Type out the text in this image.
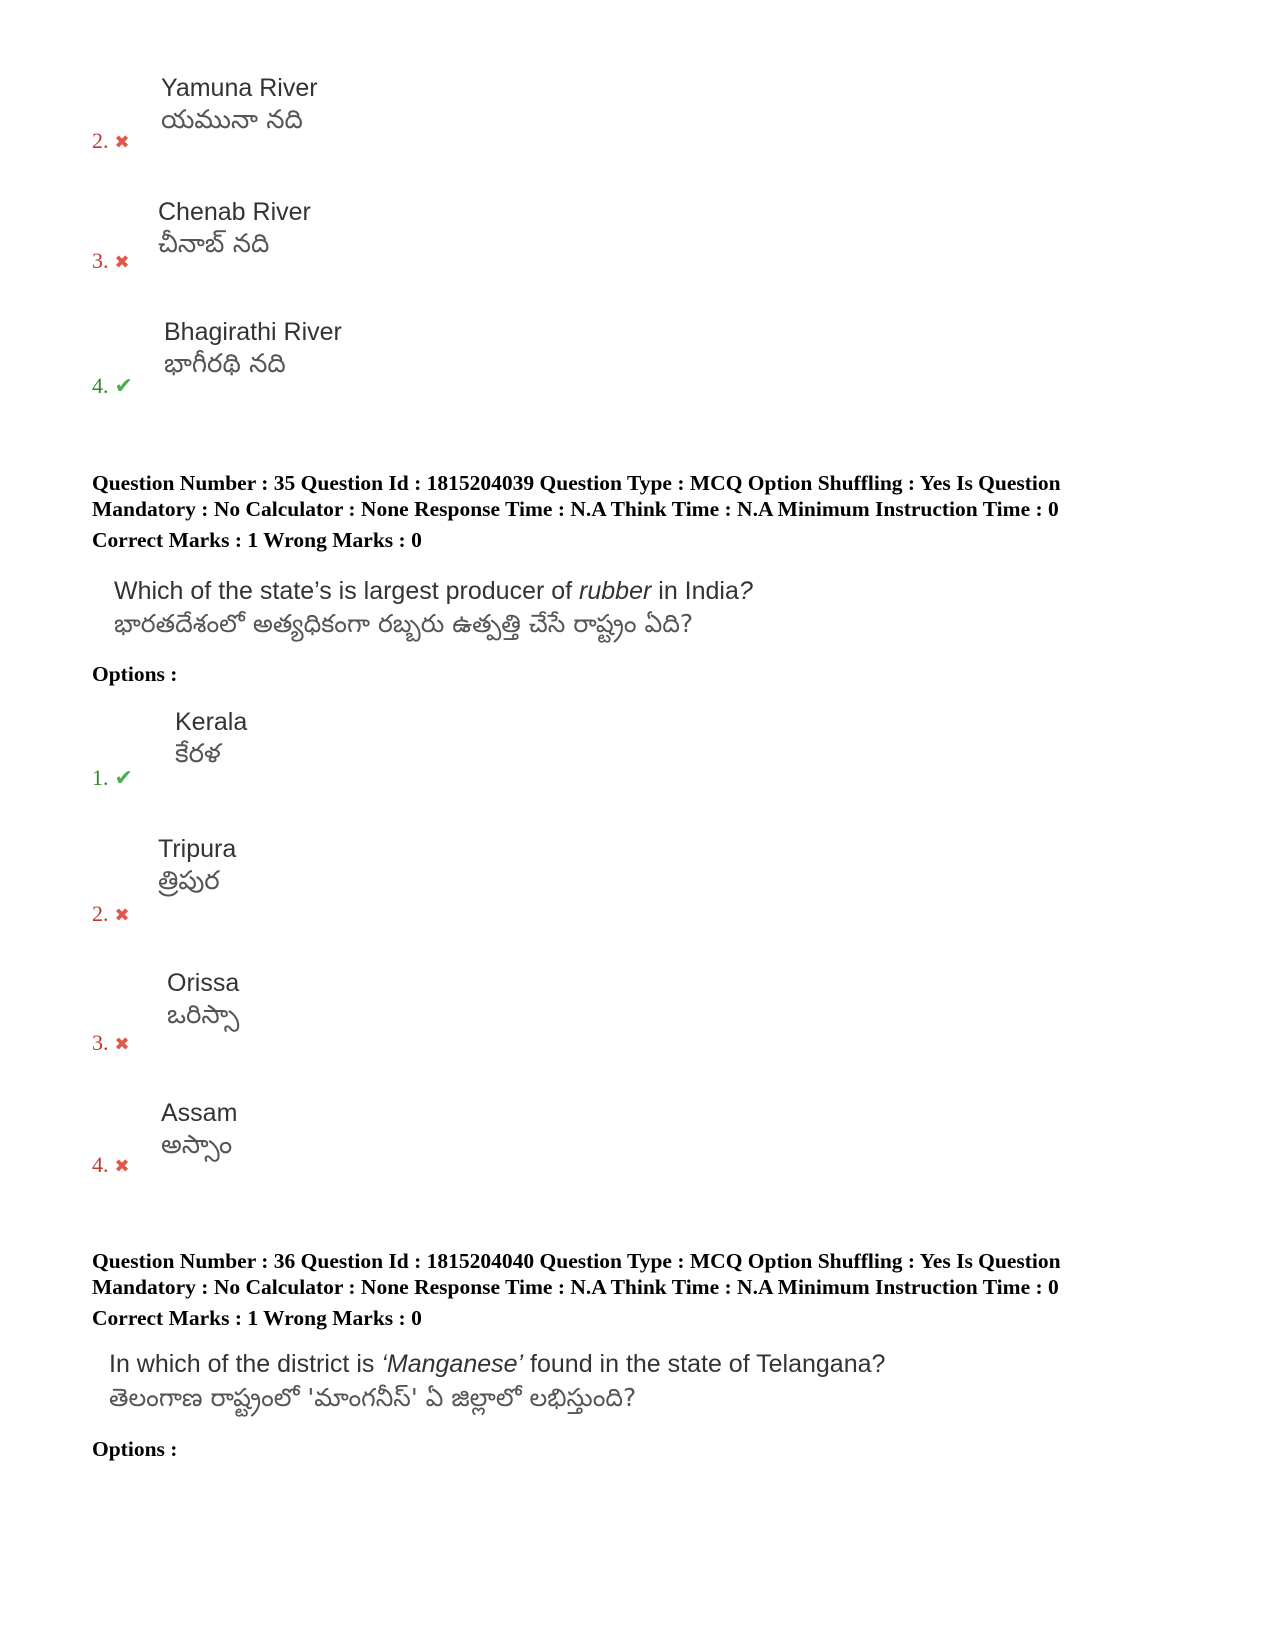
Yamuna River
యమునా నది
2. ✖
Chenab River
చీనాబ్ నది
3. ✖
Bhagirathi River
భాగీరథి నది
4. ✔
Question Number : 35 Question Id : 1815204039 Question Type : MCQ Option Shuffling : Yes Is Question
Mandatory : No Calculator : None Response Time : N.A Think Time : N.A Minimum Instruction Time : 0
Correct Marks : 1 Wrong Marks : 0
Which of the state’s is largest producer of rubber in India?
భారతదేశంలో అత్యధికంగా రబ్బరు ఉత్పత్తి చేసే రాష్ట్రం ఏది?
Options :
Kerala
కేరళ
1. ✔
Tripura
త్రిపుర
2. ✖
Orissa
ఒరిస్సా
3. ✖
Assam
అస్సాం
4. ✖
Question Number : 36 Question Id : 1815204040 Question Type : MCQ Option Shuffling : Yes Is Question
Mandatory : No Calculator : None Response Time : N.A Think Time : N.A Minimum Instruction Time : 0
Correct Marks : 1 Wrong Marks : 0
In which of the district is ‘Manganese’ found in the state of Telangana?
తెలంగాణ రాష్ట్రంలో 'మాంగనీస్' ఏ జిల్లాలో లభిస్తుంది?
Options :
